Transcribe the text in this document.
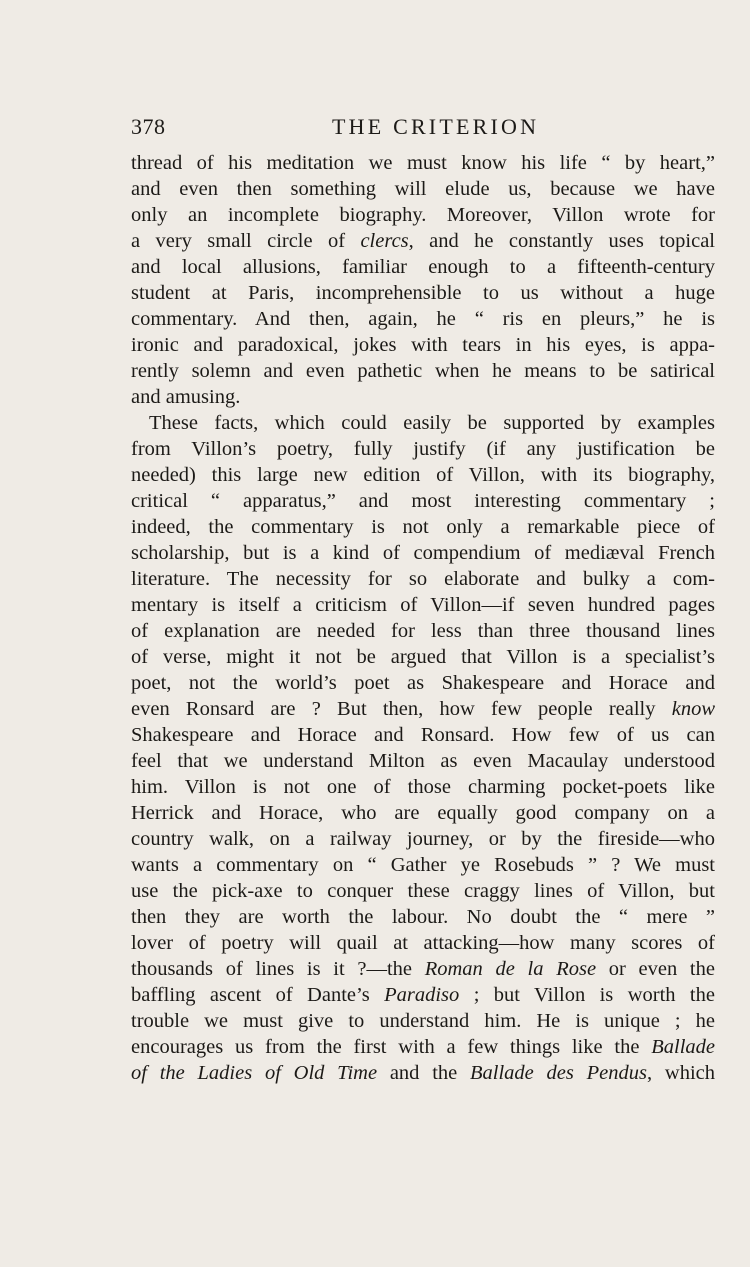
378	THE CRITERION
thread of his meditation we must know his life “ by heart,”
and even then something will elude us, because we have
only an incomplete biography. Moreover, Villon wrote for
a very small circle of clercs, and he constantly uses topical
and local allusions, familiar enough to a fifteenth-century
student at Paris, incomprehensible to us without a huge
commentary. And then, again, he “ ris en pleurs,” he is
ironic and paradoxical, jokes with tears in his eyes, is appa-
rently solemn and even pathetic when he means to be satirical
and amusing.
These facts, which could easily be supported by examples
from Villon’s poetry, fully justify (if any justification be
needed) this large new edition of Villon, with its biography,
critical “ apparatus,” and most interesting commentary ;
indeed, the commentary is not only a remarkable piece of
scholarship, but is a kind of compendium of mediæval French
literature. The necessity for so elaborate and bulky a com-
mentary is itself a criticism of Villon—if seven hundred pages
of explanation are needed for less than three thousand lines
of verse, might it not be argued that Villon is a specialist’s
poet, not the world’s poet as Shakespeare and Horace and
even Ronsard are ? But then, how few people really know
Shakespeare and Horace and Ronsard. How few of us can
feel that we understand Milton as even Macaulay understood
him. Villon is not one of those charming pocket-poets like
Herrick and Horace, who are equally good company on a
country walk, on a railway journey, or by the fireside—who
wants a commentary on “ Gather ye Rosebuds ” ? We must
use the pick-axe to conquer these craggy lines of Villon, but
then they are worth the labour. No doubt the “ mere ”
lover of poetry will quail at attacking—how many scores of
thousands of lines is it ?—the Roman de la Rose or even the
baffling ascent of Dante’s Paradiso ; but Villon is worth the
trouble we must give to understand him. He is unique ; he
encourages us from the first with a few things like the Ballade
of the Ladies of Old Time and the Ballade des Pendus, which
